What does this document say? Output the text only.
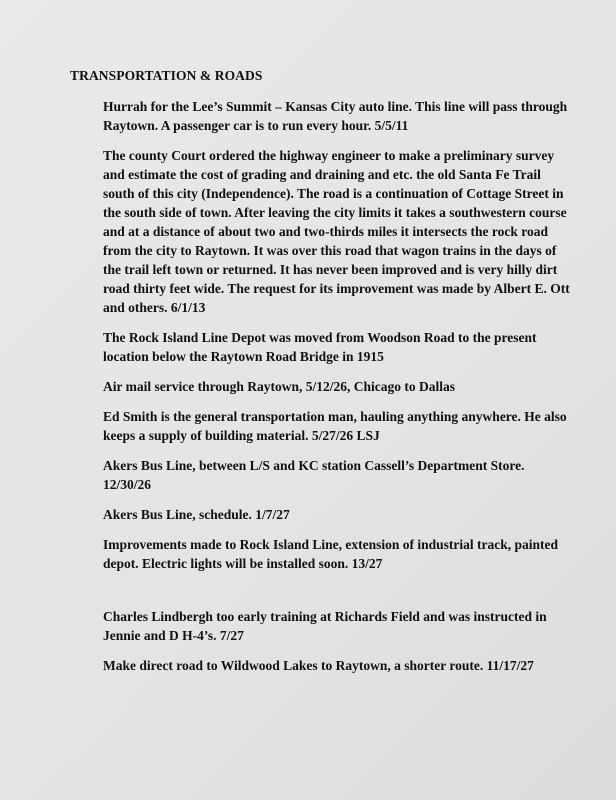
TRANSPORTATION & ROADS

Hurrah for the Lee’s Summit – Kansas City auto line. This line will pass through Raytown. A passenger car is to run every hour. 5/5/11

The county Court ordered the highway engineer to make a preliminary survey and estimate the cost of grading and draining and etc. the old Santa Fe Trail south of this city (Independence). The road is a continuation of Cottage Street in the south side of town. After leaving the city limits it takes a southwestern course and at a distance of about two and two-thirds miles it intersects the rock road from the city to Raytown. It was over this road that wagon trains in the days of the trail left town or returned. It has never been improved and is very hilly dirt road thirty feet wide. The request for its improvement was made by Albert E. Ott and others. 6/1/13

The Rock Island Line Depot was moved from Woodson Road to the present location below the Raytown Road Bridge in 1915

Air mail service through Raytown, 5/12/26, Chicago to Dallas

Ed Smith is the general transportation man, hauling anything anywhere. He also keeps a supply of building material. 5/27/26 LSJ

Akers Bus Line, between L/S and KC station Cassell’s Department Store. 12/30/26

Akers Bus Line, schedule. 1/7/27

Improvements made to Rock Island Line, extension of industrial track, painted depot. Electric lights will be installed soon. 13/27

Charles Lindbergh too early training at Richards Field and was instructed in Jennie and D H-4’s. 7/27

Make direct road to Wildwood Lakes to Raytown, a shorter route. 11/17/27
